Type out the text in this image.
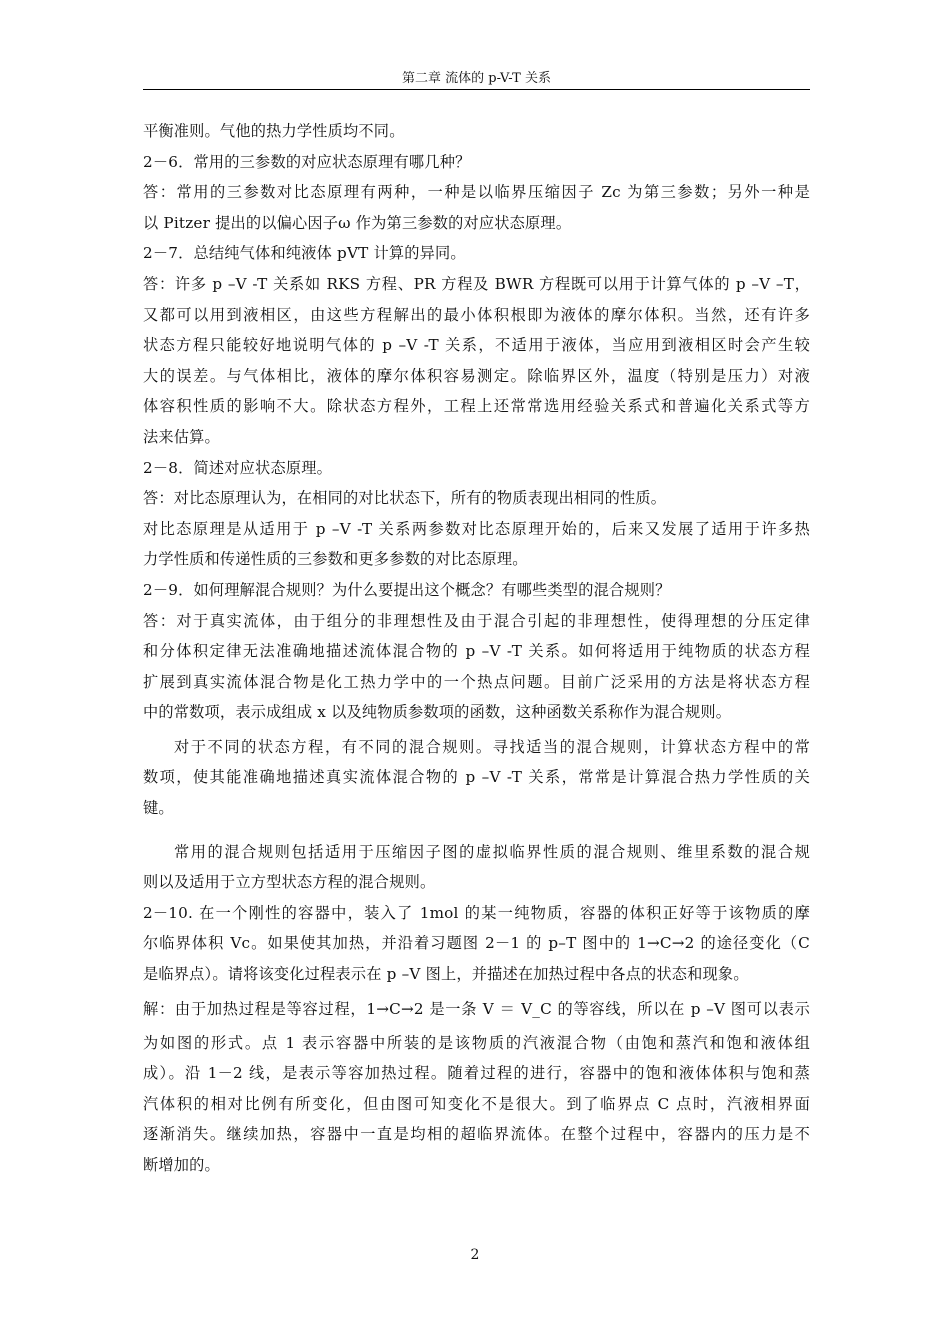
第二章 流体的 p-V-T 关系
平衡准则。气他的热力学性质均不同。
2－6．常用的三参数的对应状态原理有哪几种？
答：常用的三参数对比态原理有两种，一种是以临界压缩因子 Zc 为第三参数；另外一种是
以 Pitzer 提出的以偏心因子ω 作为第三参数的对应状态原理。
2－7．总结纯气体和纯液体 pVT 计算的异同。
答：许多 p –V -T 关系如 RKS 方程、PR 方程及 BWR 方程既可以用于计算气体的 p –V –T，
又都可以用到液相区，由这些方程解出的最小体积根即为液体的摩尔体积。当然，还有许多
状态方程只能较好地说明气体的 p –V -T 关系，不适用于液体，当应用到液相区时会产生较
大的误差。与气体相比，液体的摩尔体积容易测定。除临界区外，温度（特别是压力）对液
体容积性质的影响不大。除状态方程外，工程上还常常选用经验关系式和普遍化关系式等方
法来估算。
2－8．简述对应状态原理。
答：对比态原理认为，在相同的对比状态下，所有的物质表现出相同的性质。
对比态原理是从适用于 p –V -T 关系两参数对比态原理开始的，后来又发展了适用于许多热
力学性质和传递性质的三参数和更多参数的对比态原理。
2－9．如何理解混合规则？为什么要提出这个概念？有哪些类型的混合规则？
答：对于真实流体，由于组分的非理想性及由于混合引起的非理想性，使得理想的分压定律
和分体积定律无法准确地描述流体混合物的 p –V -T 关系。如何将适用于纯物质的状态方程
扩展到真实流体混合物是化工热力学中的一个热点问题。目前广泛采用的方法是将状态方程
中的常数项，表示成组成 x 以及纯物质参数项的函数，这种函数关系称作为混合规则。
对于不同的状态方程，有不同的混合规则。寻找适当的混合规则，计算状态方程中的常
数项，使其能准确地描述真实流体混合物的 p –V -T 关系，常常是计算混合热力学性质的关
键。
常用的混合规则包括适用于压缩因子图的虚拟临界性质的混合规则、维里系数的混合规
则以及适用于立方型状态方程的混合规则。
2－10. 在一个刚性的容器中，装入了 1mol 的某一纯物质，容器的体积正好等于该物质的摩
尔临界体积 Vc。如果使其加热，并沿着习题图 2－1 的 p–T 图中的 1→C→2 的途径变化（C
是临界点）。请将该变化过程表示在 p –V 图上，并描述在加热过程中各点的状态和现象。
解：由于加热过程是等容过程，1→C→2 是一条 V ＝ V_C 的等容线，所以在 p –V 图可以表示
为如图的形式。点 1 表示容器中所装的是该物质的汽液混合物（由饱和蒸汽和饱和液体组
成）。沿 1－2 线，是表示等容加热过程。随着过程的进行，容器中的饱和液体体积与饱和蒸
汽体积的相对比例有所变化，但由图可知变化不是很大。到了临界点 C 点时，汽液相界面
逐渐消失。继续加热，容器中一直是均相的超临界流体。在整个过程中，容器内的压力是不
断增加的。
2
